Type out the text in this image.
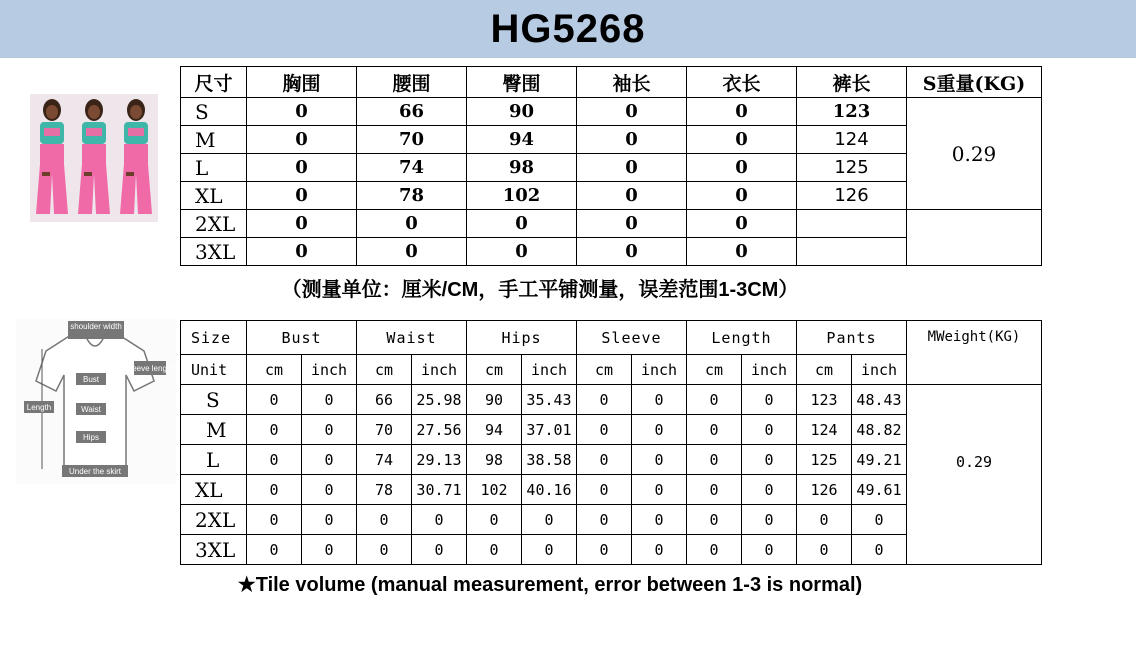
HG5268
尺寸	胸围	腰围	臀围	袖长	衣长	裤长	S重量(KG)
S	0	66	90	0	0	123	0.29
M	0	70	94	0	0	124	
L	0	74	98	0	0	125	
XL	0	78	102	0	0	126	
2XL	0	0	0	0	0		
3XL	0	0	0	0	0		
（测量单位：厘米/CM，手工平铺测量，误差范围1-3CM）
shoulder width
sleeve length
Length
Bust
Waist
Hips
Under the skirt
Size	Bust		Waist		Hips		Sleeve		Length		Pants		MWeight(KG)
Unit	cm	inch	cm	inch	cm	inch	cm	inch	cm	inch	cm	inch	
S	0	0	66	25.98	90	35.43	0	0	0	0	123	48.43	0.29
M	0	0	70	27.56	94	37.01	0	0	0	0	124	48.82	
L	0	0	74	29.13	98	38.58	0	0	0	0	125	49.21	
XL	0	0	78	30.71	102	40.16	0	0	0	0	126	49.61	
2XL	0	0	0	0	0	0	0	0	0	0	0	0	
3XL	0	0	0	0	0	0	0	0	0	0	0	0	
★Tile volume (manual measurement, error between 1-3 is normal)
